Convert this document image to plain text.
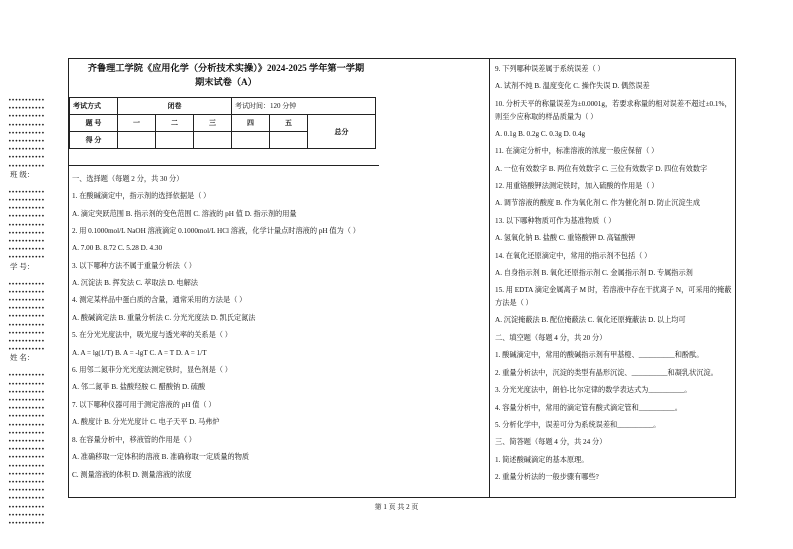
•••••••••••
•••••••••••
•••••••••••
•••••••••••
•••••••••••
•••••••••••
•••••••••••
•••••••••••
•••••••••••
班 级：
•••••••••••
•••••••••••
•••••••••••
•••••••••••
•••••••••••
•••••••••••
•••••••••••
•••••••••••
•••••••••••
学 号：
•••••••••••
•••••••••••
•••••••••••
•••••••••••
•••••••••••
•••••••••••
•••••••••••
•••••••••••
•••••••••••
姓 名：
•••••••••••
•••••••••••
•••••••••••
•••••••••••
•••••••••••
•••••••••••
•••••••••••
•••••••••••
•••••••••••
•••••••••••
•••••••••••
•••••••••••
•••••••••••
•••••••••••
•••••••••••
•••••••••••
•••••••••••
•••••••••••
•••••••••••
齐鲁理工学院《应用化学（分析技术实操）》2024-2025 学年第一学期
期末试卷（A）
考试方式	闭卷			考试时间：120 分钟		
题 号	一	二	三	四	五	总分
得 分						
一、选择题（每题 2 分，共 30 分）
1. 在酸碱滴定中，指示剂的选择依据是（ ）
A. 滴定突跃范围 B. 指示剂的变色范围 C. 溶液的 pH 值 D. 指示剂的用量
2. 用 0.1000mol/L NaOH 溶液滴定 0.1000mol/L HCl 溶液，化学计量点时溶液的 pH 值为（ ）
A. 7.00 B. 8.72 C. 5.28 D. 4.30
3. 以下哪种方法不属于重量分析法（ ）
A. 沉淀法 B. 挥发法 C. 萃取法 D. 电解法
4. 测定某样品中蛋白质的含量，通常采用的方法是（ ）
A. 酸碱滴定法 B. 重量分析法 C. 分光光度法 D. 凯氏定氮法
5. 在分光光度法中，吸光度与透光率的关系是（ ）
A. A = lg(1/T) B. A = -lgT C. A = T D. A = 1/T
6. 用邻二氮菲分光光度法测定铁时，显色剂是（ ）
A. 邻二氮菲 B. 盐酸羟胺 C. 醋酸钠 D. 硫酸
7. 以下哪种仪器可用于测定溶液的 pH 值（ ）
A. 酸度计 B. 分光光度计 C. 电子天平 D. 马弗炉
8. 在容量分析中，移液管的作用是（ ）
A. 准确移取一定体积的溶液 B. 准确称取一定质量的物质
C. 测量溶液的体积 D. 测量溶液的浓度
9. 下列哪种误差属于系统误差（ ）
A. 试剂不纯 B. 温度变化 C. 操作失误 D. 偶然误差
10. 分析天平的称量误差为±0.0001g，若要求称量的相对误差不超过±0.1%，则至少应称取的样品质量为（ ）
A. 0.1g B. 0.2g C. 0.3g D. 0.4g
11. 在滴定分析中，标准溶液的浓度一般应保留（ ）
A. 一位有效数字 B. 两位有效数字 C. 三位有效数字 D. 四位有效数字
12. 用重铬酸钾法测定铁时，加入硫酸的作用是（ ）
A. 调节溶液的酸度 B. 作为氧化剂 C. 作为催化剂 D. 防止沉淀生成
13. 以下哪种物质可作为基准物质（ ）
A. 氢氧化钠 B. 盐酸 C. 重铬酸钾 D. 高锰酸钾
14. 在氧化还原滴定中，常用的指示剂不包括（ ）
A. 自身指示剂 B. 氧化还原指示剂 C. 金属指示剂 D. 专属指示剂
15. 用 EDTA 滴定金属离子 M 时，若溶液中存在干扰离子 N，可采用的掩蔽方法是（ ）
A. 沉淀掩蔽法 B. 配位掩蔽法 C. 氧化还原掩蔽法 D. 以上均可
二、填空题（每题 4 分，共 20 分）
1. 酸碱滴定中，常用的酸碱指示剂有甲基橙、__________和酚酞。
2. 重量分析法中，沉淀的类型有晶形沉淀、__________和凝乳状沉淀。
3. 分光光度法中，朗伯-比尔定律的数学表达式为__________。
4. 容量分析中，常用的滴定管有酸式滴定管和__________。
5. 分析化学中，误差可分为系统误差和__________。
三、简答题（每题 4 分，共 24 分）
1. 简述酸碱滴定的基本原理。
2. 重量分析法的一般步骤有哪些?
第 1 页 共 2 页
